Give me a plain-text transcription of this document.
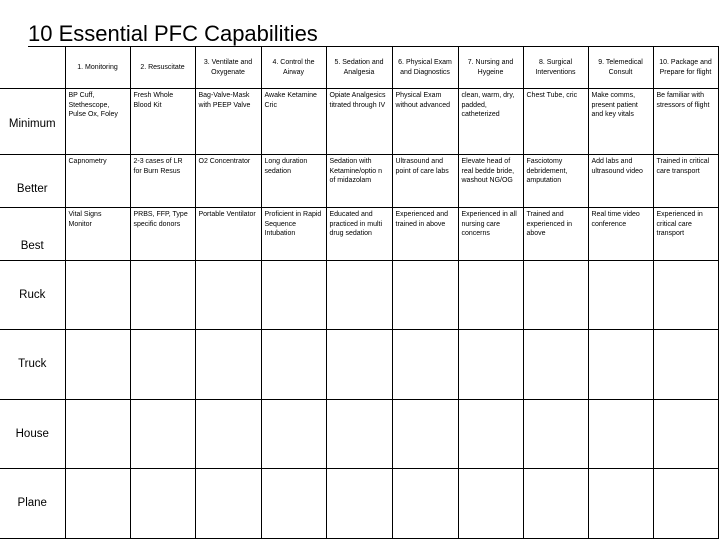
10 Essential PFC Capabilities
	1. Monitoring	2. Resuscitate	3. Ventilate and Oxygenate	4. Control the Airway	5. Sedation and Analgesia	6. Physical Exam and Diagnostics	7. Nursing and Hygeine	8. Surgical Interventions	9. Telemedical Consult	10. Package and Prepare for flight
Minimum	BP Cuff, Stethescope, Pulse Ox, Foley	Fresh Whole Blood Kit	Bag-Valve-Mask with PEEP Valve	Awake Ketamine Cric	Opiate Analgesics titrated through IV	Physical Exam without advanced	clean, warm, dry, padded, catheterized	Chest Tube, cric	Make comms, present patient and key vitals	Be familiar with stressors of flight
Better	Capnometry	2-3 cases of LR for Burn Resus	O2 Concentrator	Long duration sedation	Sedation with Ketamine/optio n of midazolam	Ultrasound and point of care labs	Elevate head of real bedde bride, washout NG/OG	Fasciotomy debridement, amputation	Add labs and ultrasound video	Trained in critical care transport
Best	Vital Signs Monitor	PRBS, FFP, Type specific donors	Portable Ventilator	Proficient in Rapid Sequence Intubation	Educated and practiced in multi drug sedation	Experienced and trained in above	Experienced in all nursing care concerns	Trained and experienced in above	Real time video conference	Experienced in critical care transport
Ruck										
Truck										
House										
Plane										
